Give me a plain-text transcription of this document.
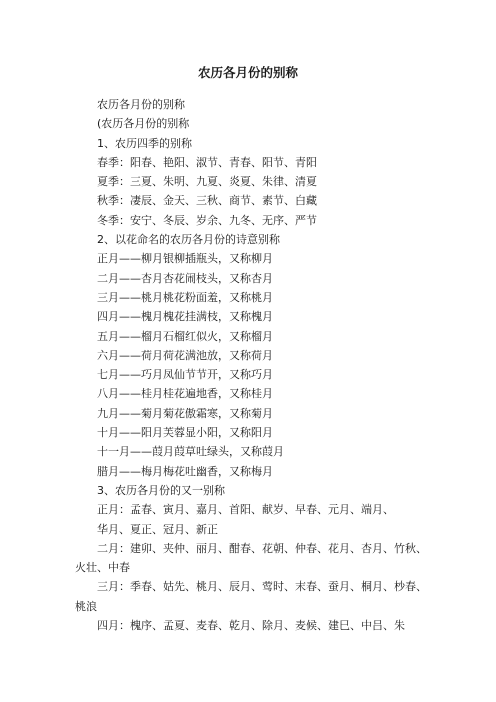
农历各月份的别称

农历各月份的别称

(农历各月份的别称

1、农历四季的别称

春季：阳春、艳阳、淑节、青春、阳节、青阳

夏季：三夏、朱明、九夏、炎夏、朱律、清夏

秋季：凄辰、金天、三秋、商节、素节、白藏

冬季：安宁、冬辰、岁余、九冬、无序、严节

2、以花命名的农历各月份的诗意别称

正月——柳月银柳插瓶头，又称柳月

二月——杏月杏花闹枝头，又称杏月

三月——桃月桃花粉面羞，又称桃月

四月——槐月槐花挂满枝，又称槐月

五月——榴月石榴红似火，又称榴月

六月——荷月荷花满池放，又称荷月

七月——巧月凤仙节节开，又称巧月

八月——桂月桂花遍地香，又称桂月

九月——菊月菊花傲霜寒，又称菊月

十月——阳月芙蓉显小阳，又称阳月

十一月——葭月葭草吐绿头，又称葭月

腊月——梅月梅花吐幽香，又称梅月

3、农历各月份的又一别称

正月：孟春、寅月、嘉月、首阳、献岁、早春、元月、端月、

华月、夏正、冠月、新正

二月：建卯、夹仲、丽月、酣春、花朝、仲春、花月、杏月、竹秋、火壮、中春

三月：季春、姑先、桃月、辰月、莺时、末春、蚕月、桐月、杪春、桃浪

四月：槐序、孟夏、麦春、乾月、除月、麦候、建巳、中吕、朱
